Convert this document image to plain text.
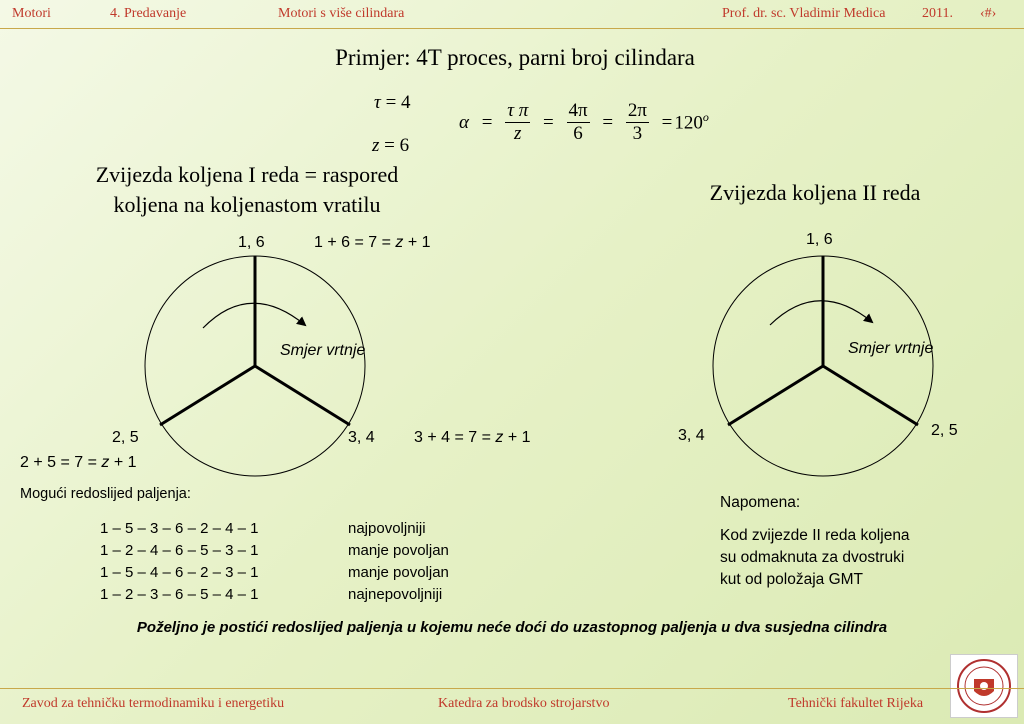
Motori	4. Predavanje	Motori s više cilindara	Prof. dr. sc. Vladimir Medica	2011. ‹#›
Primjer: 4T proces, parni broj cilindara
τ = 4
z = 6
$\alpha = \frac{\text{τ π}}{z} = \frac{4\pi}{6} = \frac{2\pi}{3} = 120^o$
Zvijezda koljena I reda = raspored
koljena na koljenastom vratilu	Zvijezda koljena II reda
1, 6	1 + 6 = 7 = z + 1
Smjer vrtnje
2, 5	3, 4 3 + 4 = 7 = z + 1
2 + 5 = 7 = z + 1
1, 6
Smjer vrtnje
3, 4	2, 5
Mogući redoslijed paljenja:
1 – 5 – 3 – 6 – 2 – 4 – 1	najpovoljniji
1 – 2 – 4 – 6 – 5 – 3 – 1	manje povoljan
1 – 5 – 4 – 6 – 2 – 3 – 1	manje povoljan
1 – 2 – 3 – 6 – 5 – 4 – 1	najnepovoljniji
Napomena:
Kod zvijezde II reda koljena
su odmaknuta za dvostruki
kut od položaja GMT
Poželjno je postići redoslijed paljenja u kojemu neće doći do uzastopnog paljenja u dva susjedna cilindra
Zavod za tehničku termodinamiku i energetiku	Katedra za brodsko strojarstvo	Tehnički fakultet Rijeka
